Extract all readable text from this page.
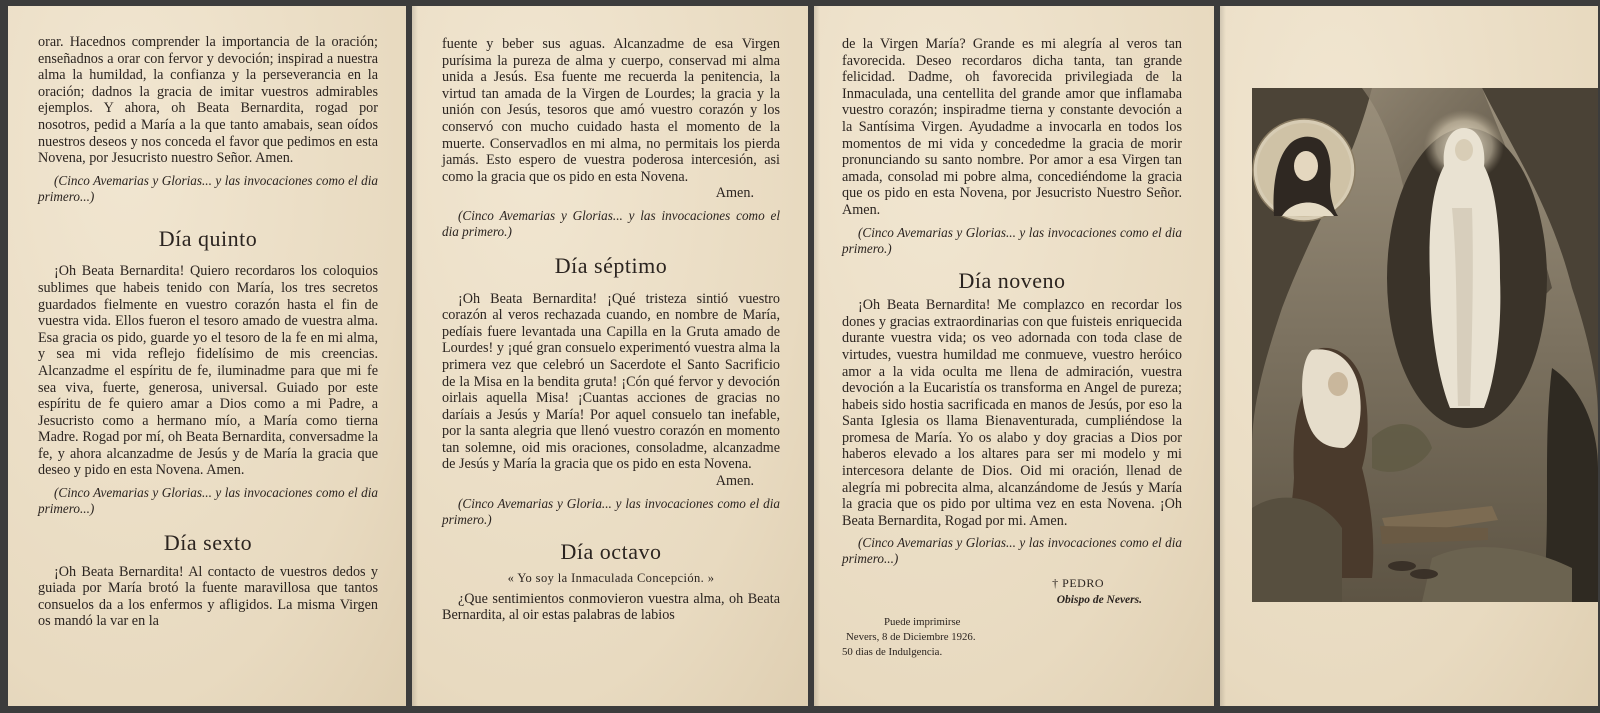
orar. Hacednos comprender la importancia de la oración; enseñadnos a orar con fervor y devoción; inspirad a nuestra alma la humildad, la confianza y la perseverancia en la oración; dadnos la gracia de imitar vuestros admirables ejemplos. Y ahora, oh Beata Bernardita, rogad por nosotros, pedid a María a la que tanto amabais, sean oídos nuestros deseos y nos conceda el favor que pedimos en esta Novena, por Jesucristo nuestro Señor. Amen.

(Cinco Avemarias y Glorias... y las invocaciones como el dia primero...)

Día quinto

¡Oh Beata Bernardita! Quiero recordaros los coloquios sublimes que habeis tenido con María, los tres secretos guardados fielmente en vuestro corazón hasta el fin de vuestra vida. Ellos fueron el tesoro amado de vuestra alma. Esa gracia os pido, guarde yo el tesoro de la fe en mi alma, y sea mi vida reflejo fidelísimo de mis creencias. Alcanzadme el espíritu de fe, iluminadme para que mi fe sea viva, fuerte, generosa, universal. Guiado por este espíritu de fe quiero amar a Dios como a mi Padre, a Jesucristo como a hermano mío, a María como tierna Madre. Rogad por mí, oh Beata Bernardita, conversadme la fe, y ahora alcanzadme de Jesús y de María la gracia que deseo y pido en esta Novena. Amen.

(Cinco Avemarias y Glorias... y las invocaciones como el dia primero...)

Día sexto

¡Oh Beata Bernardita! Al contacto de vuestros dedos y guiada por María brotó la fuente maravillosa que tantos consuelos da a los enfermos y afligidos. La misma Virgen os mandó la var en la

fuente y beber sus aguas. Alcanzadme de esa Virgen purísima la pureza de alma y cuerpo, conservad mi alma unida a Jesús. Esa fuente me recuerda la penitencia, la virtud tan amada de la Virgen de Lourdes; la gracia y la unión con Jesús, tesoros que amó vuestro corazón y los conservó con mucho cuidado hasta el momento de la muerte. Conservadlos en mi alma, no permitais los pierda jamás. Esto espero de vuestra poderosa intercesión, asi como la gracia que os pido en esta Novena.

Amen.

(Cinco Avemarias y Glorias... y las invocaciones como el dia primero.)

Día séptimo

¡Oh Beata Bernardita! ¡Qué tristeza sintió vuestro corazón al veros rechazada cuando, en nombre de María, pedíais fuere levantada una Capilla en la Gruta amado de Lourdes! y ¡qué gran consuelo experimentó vuestra alma la primera vez que celebró un Sacerdote el Santo Sacrificio de la Misa en la bendita gruta! ¡Cón qué fervor y devoción oirlais aquella Misa! ¡Cuantas acciones de gracias no daríais a Jesús y María! Por aquel consuelo tan inefable, por la santa alegria que llenó vuestro corazón en momento tan solemne, oid mis oraciones, consoladme, alcanzadme de Jesús y María la gracia que os pido en esta Novena.

Amen.

(Cinco Avemarias y Gloria... y las invocaciones como el dia primero.)

Día octavo

« Yo soy la Inmaculada Concepción. »

¿Que sentimientos conmovieron vuestra alma, oh Beata Bernardita, al oir estas palabras de labios

de la Virgen María? Grande es mi alegría al veros tan favorecida. Deseo recordaros dicha tanta, tan grande felicidad. Dadme, oh favorecida privilegiada de la Inmaculada, una centellita del grande amor que inflamaba vuestro corazón; inspiradme tierna y constante devoción a la Santísima Virgen. Ayudadme a invocarla en todos los momentos de mi vida y concededme la gracia de morir pronunciando su santo nombre. Por amor a esa Virgen tan amada, consolad mi pobre alma, concediéndome la gracia que os pido en esta Novena, por Jesucristo Nuestro Señor. Amen.

(Cinco Avemarias y Glorias... y las invocaciones como el dia primero.)

Día noveno

¡Oh Beata Bernardita! Me complazco en recordar los dones y gracias extraordinarias con que fuisteis enriquecida durante vuestra vida; os veo adornada con toda clase de virtudes, vuestra humildad me conmueve, vuestro heróico amor a la vida oculta me llena de admiración, vuestra devoción a la Eucaristía os transforma en Angel de pureza; habeis sido hostia sacrificada en manos de Jesús, por eso la Santa Iglesia os llama Bienaventurada, cumpliéndose la promesa de María. Yo os alabo y doy gracias a Dios por haberos elevado a los altares para ser mi modelo y mi intercesora delante de Dios. Oid mi oración, llenad de alegría mi pobrecita alma, alcanzándome de Jesús y María la gracia que os pido por ultima vez en esta Novena. ¡Oh Beata Bernardita, Rogad por mi. Amen.

(Cinco Avemarias y Glorias... y las invocaciones como el dia primero...)

† PEDRO

Obispo de Nevers.

Puede imprimirse

Nevers, 8 de Diciembre 1926.

50 dias de Indulgencia.
